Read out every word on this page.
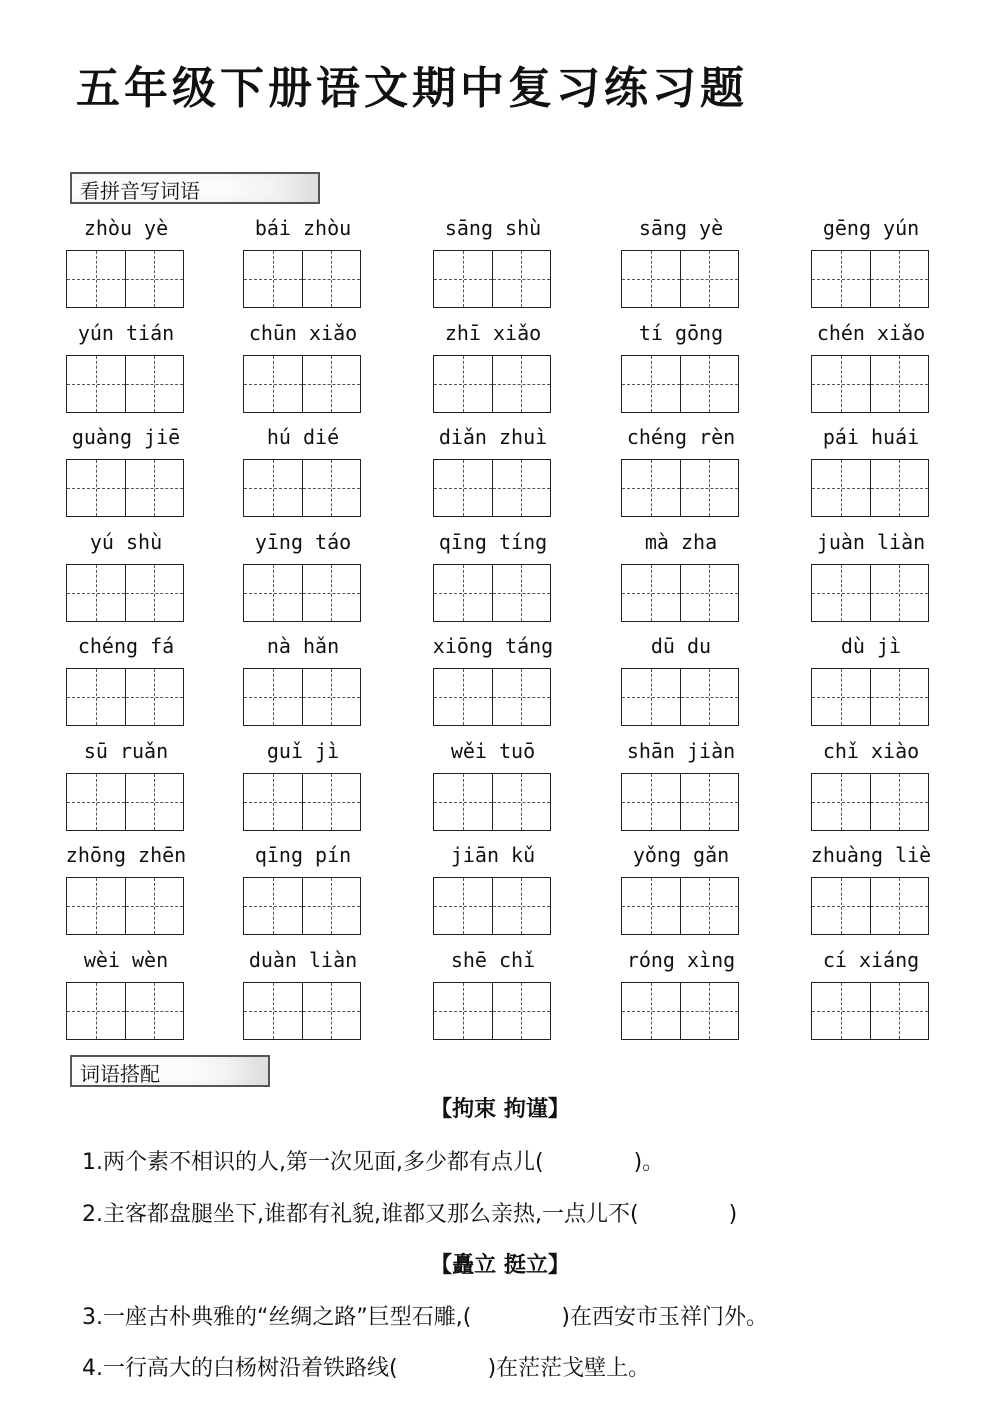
五年级下册语文期中复习练习题
看拼音写词语
zhòu yè	bái zhòu	sāng shù	sāng yè	gēng yún
yún tián	chūn xiǎo	zhī xiǎo	tí gōng	chén xiǎo
guàng jiē	hú dié	diǎn zhuì	chéng rèn	pái huái
yú shù	yīng táo	qīng tíng	mà zha	juàn liàn
chéng fá	nà hǎn	xiōng táng	dū du	dù jì
sū ruǎn	guǐ jì	wěi tuō	shān jiàn	chǐ xiào
zhōng zhēn	qīng pín	jiān kǔ	yǒng gǎn	zhuàng liè
wèi wèn	duàn liàn	shē chǐ	róng xìng	cí xiáng
词语搭配
【拘束 拘谨】
1.两个素不相识的人,第一次见面,多少都有点儿(	)。
2.主客都盘腿坐下,谁都有礼貌,谁都又那么亲热,一点儿不(	)
【矗立 挺立】
3.一座古朴典雅的“丝绸之路”巨型石雕,(	)在西安市玉祥门外。
4.一行高大的白杨树沿着铁路线(	)在茫茫戈壁上。
